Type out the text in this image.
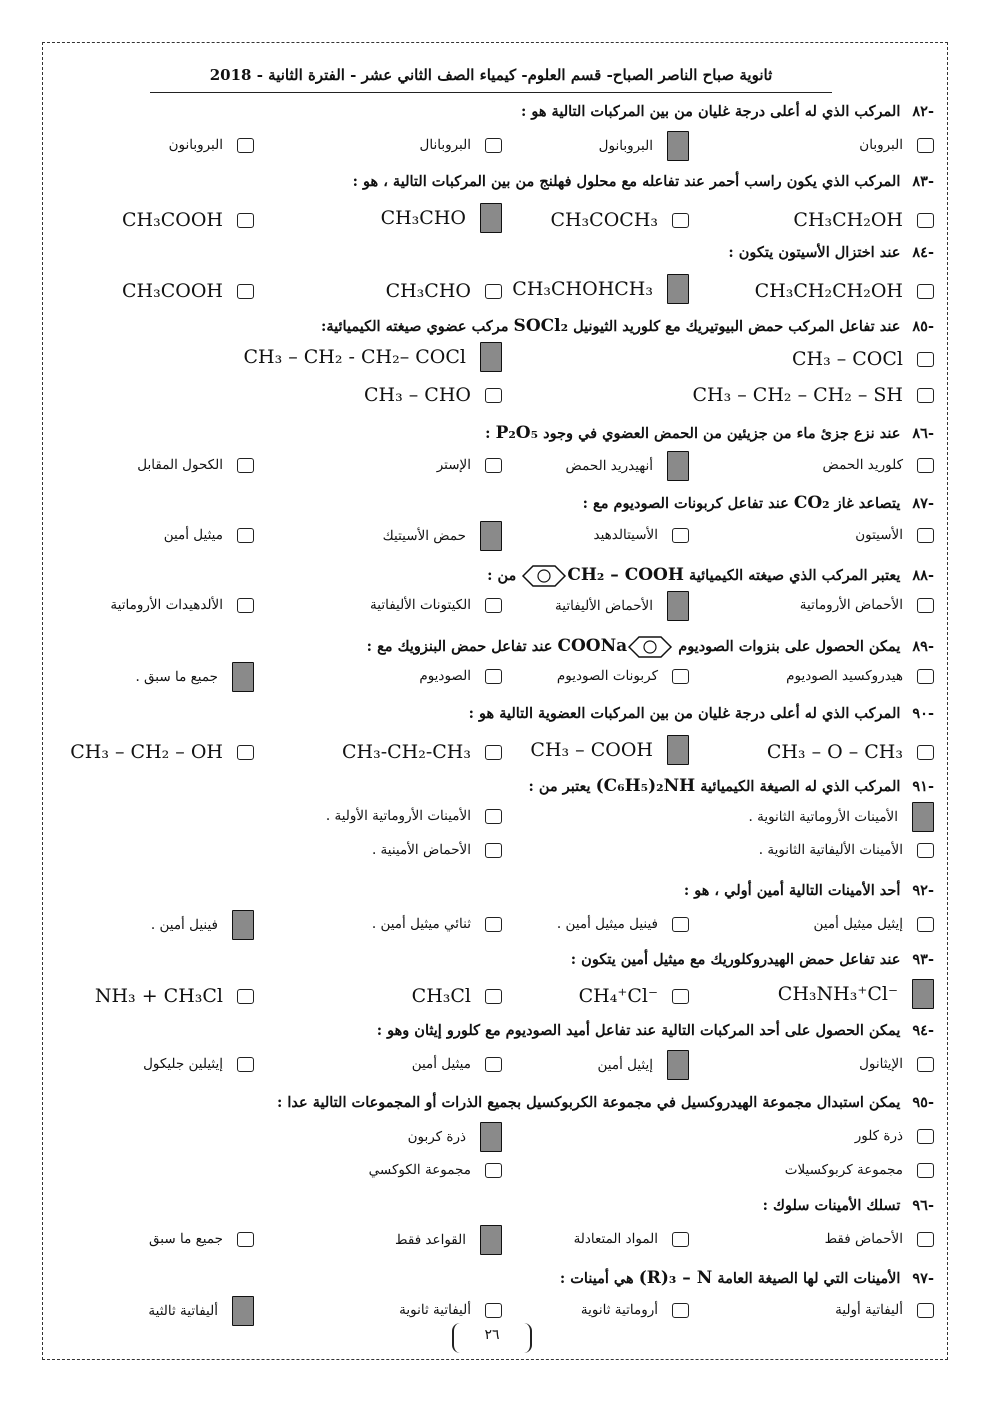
ثانوية صباح الناصر الصباح- قسم العلوم- كيمياء الصف الثاني عشر - الفترة الثانية - 2018
-٨٢المركب الذي له أعلى درجة غليان من بين المركبات التالية هو :
البروبان
البروبانول
البروبانال
البروبانون
-٨٣المركب الذي يكون راسب أحمر عند تفاعله مع محلول فهلنج من بين المركبات التالية ، هو :
CH₃CH₂OH
CH₃COCH₃
CH₃CHO
CH₃COOH
-٨٤عند اختزال الأسيتون يتكون :
CH₃CH₂CH₂OH
CH₃CHOHCH₃
CH₃CHO
CH₃COOH
-٨٥عند تفاعل المركب حمض البيوتيريك مع كلوريد الثيونيل SOCl₂ مركب عضوي صيغته الكيميائية:
CH₃ – COCl
CH₃ – CH₂ - CH₂– COCl
CH₃ – CH₂ – CH₂ – SH
CH₃ – CHO
-٨٦عند نزع جزئ ماء من جزيئين من الحمض العضوي في وجود P₂O₅ :
كلوريد الحمض
أنهيدريد الحمض
الإستر
الكحول المقابل
-٨٧يتصاعد غاز CO₂ عند تفاعل كربونات الصوديوم مع :
الأسيتون
الأسيتالدهيد
حمض الأسيتيك
ميثيل أمين
-٨٨يعتبر المركب الذي صيغته الكيميائية CH₂ – COOH من :
الأحماض الأروماتية
الأحماض الأليفاتية
الكيتونات الأليفاتية
الألدهيدات الأروماتية
-٨٩يمكن الحصول على بنزوات الصوديوم COONa عند تفاعل حمض البنزويك مع :
هيدروكسيد الصوديوم
كربونات الصوديوم
الصوديوم
جميع ما سبق .
-٩٠المركب الذي له أعلى درجة غليان من بين المركبات العضوية التالية هو :
CH₃ – O – CH₃
CH₃ – COOH
CH₃-CH₂-CH₃
CH₃ – CH₂ – OH
-٩١المركب الذي له الصيغة الكيميائية (C₆H₅)₂NH يعتبر من :
الأمينات الأروماتية الثانوية .
الأمينات الأروماتية الأولية .
الأمينات الأليفاتية الثانوية .
الأحماض الأمينية .
-٩٢أحد الأمينات التالية أمين أولي ، هو :
إيثيل ميثيل أمين
فينيل ميثيل أمين .
ثنائي ميثيل أمين .
فينيل أمين .
-٩٣عند تفاعل حمض الهيدروكلوريك مع ميثيل أمين يتكون :
CH₃NH₃⁺Cl⁻
CH₄⁺Cl⁻
CH₃Cl
NH₃ + CH₃Cl
-٩٤يمكن الحصول على أحد المركبات التالية عند تفاعل أميد الصوديوم مع كلورو إيثان وهو :
الإيثانول
إيثيل أمين
ميثيل أمين
إيثيلين جليكول
-٩٥يمكن استبدال مجموعة الهيدروكسيل في مجموعة الكربوكسيل بجميع الذرات أو المجموعات التالية عدا :
ذرة كلور
ذرة كربون
مجموعة كربوكسيلات
مجموعة الكوكسي
-٩٦تسلك الأمينات سلوك :
الأحماض فقط
المواد المتعادلة
القواعد فقط
جميع ما سبق
-٩٧الأمينات التي لها الصيغة العامة (R)₃ – N هي أمينات :
أليفاتية أولية
أروماتية ثانوية
أليفاتية ثانوية
أليفاتية ثالثية
٢٦
